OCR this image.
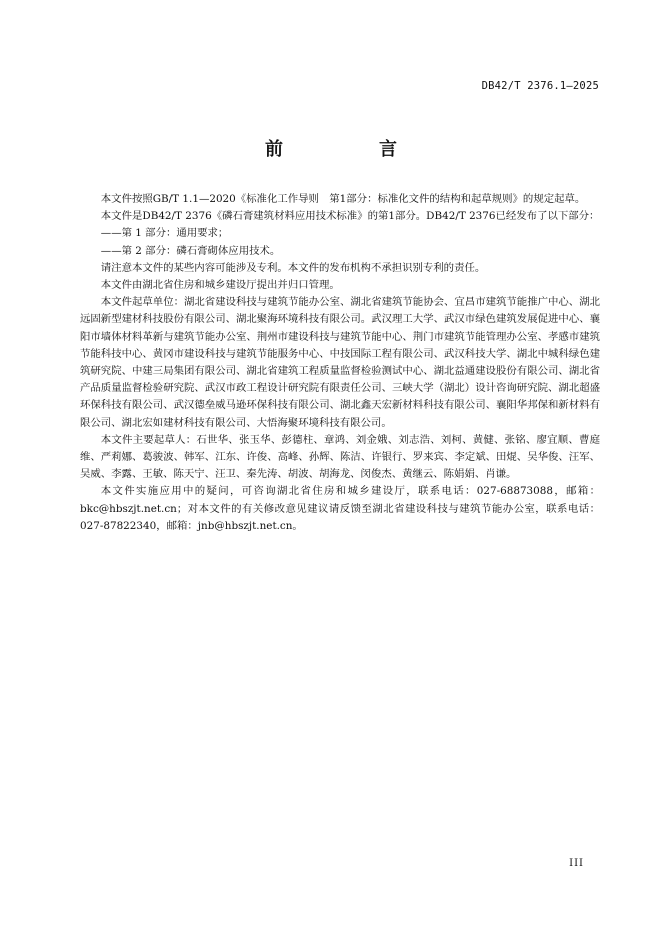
DB42/T 2376.1—2025
前　　言

本文件按照GB/T 1.1—2020《标准化工作导则　第1部分：标准化文件的结构和起草规则》的规定起草。

本文件是DB42/T 2376《磷石膏建筑材料应用技术标准》的第1部分。DB42/T 2376已经发布了以下部分：

——第 1 部分：通用要求；

——第 2 部分：磷石膏砌体应用技术。

请注意本文件的某些内容可能涉及专利。本文件的发布机构不承担识别专利的责任。

本文件由湖北省住房和城乡建设厅提出并归口管理。

本文件起草单位：湖北省建设科技与建筑节能办公室、湖北省建筑节能协会、宜昌市建筑节能推广中心、湖北远固新型建材科技股份有限公司、湖北聚海环境科技有限公司。武汉理工大学、武汉市绿色建筑发展促进中心、襄阳市墙体材料革新与建筑节能办公室、荆州市建设科技与建筑节能中心、荆门市建筑节能管理办公室、孝感市建筑节能科技中心、黄冈市建设科技与建筑节能服务中心、中技国际工程有限公司、武汉科技大学、湖北中城科绿色建筑研究院、中建三局集团有限公司、湖北省建筑工程质量监督检验测试中心、湖北益通建设股份有限公司、湖北省产品质量监督检验研究院、武汉市政工程设计研究院有限责任公司、三峡大学（湖北）设计咨询研究院、湖北超盛环保科技有限公司、武汉德垒威马逊环保科技有限公司、湖北鑫天宏新材料科技有限公司、襄阳华邦保和新材料有限公司、湖北宏如建材科技有限公司、大悟海聚环境科技有限公司。

本文件主要起草人：石世华、张玉华、彭德柱、章鸿、刘金娥、刘志浩、刘柯、黄健、张铭、廖宜顺、曹庭维、严莉娜、葛骏波、韩军、江东、许俊、高峰、孙辉、陈洁、许银行、罗来宾、李定斌、田焜、吴华俊、汪军、吴威、李露、王敏、陈天宁、汪卫、秦先涛、胡波、胡海龙、闵俊杰、黄继云、陈娟娟、肖谦。

本文件实施应用中的疑问，可咨询湖北省住房和城乡建设厅，联系电话：027-68873088，邮箱：bkc@hbszjt.net.cn；对本文件的有关修改意见建议请反馈至湖北省建设科技与建筑节能办公室，联系电话：027-87822340，邮箱：jnb@hbszjt.net.cn。

III
